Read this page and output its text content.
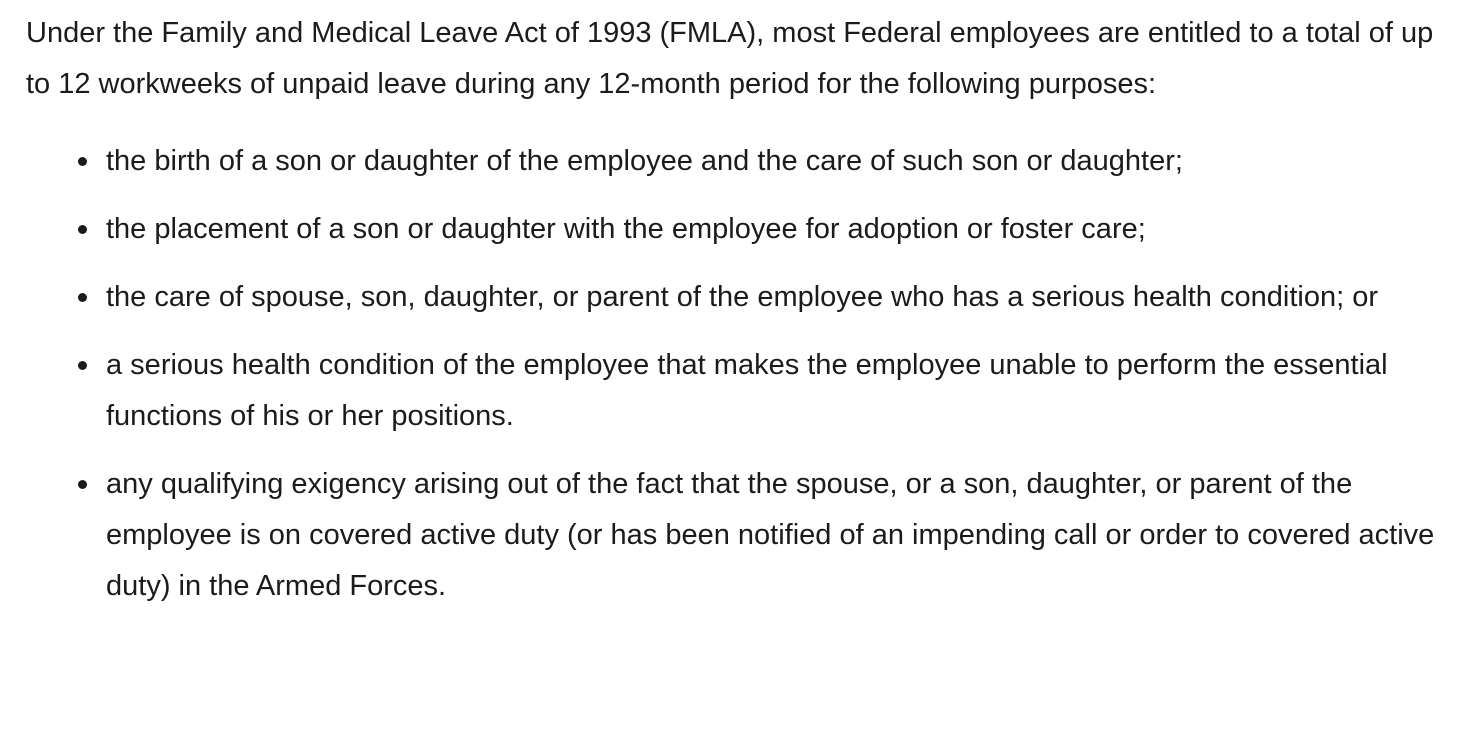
Under the Family and Medical Leave Act of 1993 (FMLA), most Federal employees are entitled to a total of up to 12 workweeks of unpaid leave during any 12-month period for the following purposes:

the birth of a son or daughter of the employee and the care of such son or daughter;
the placement of a son or daughter with the employee for adoption or foster care;
the care of spouse, son, daughter, or parent of the employee who has a serious health condition; or
a serious health condition of the employee that makes the employee unable to perform the essential functions of his or her positions.
any qualifying exigency arising out of the fact that the spouse, or a son, daughter, or parent of the employee is on covered active duty (or has been notified of an impending call or order to covered active duty) in the Armed Forces.
